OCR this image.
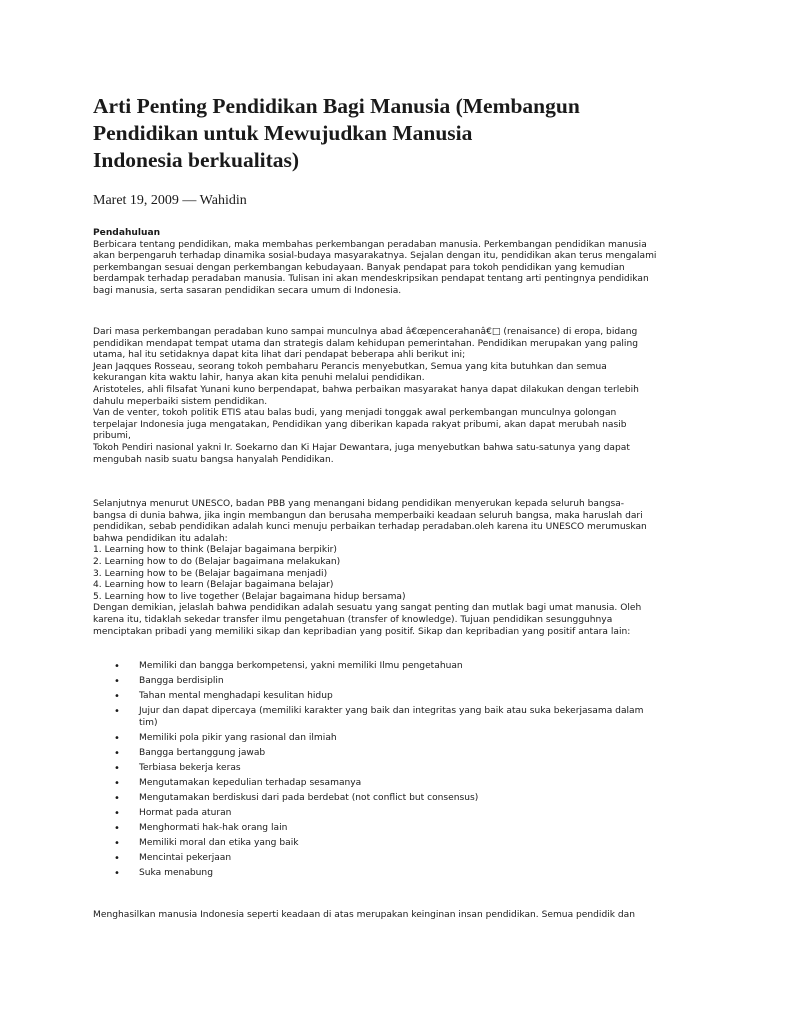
Arti Penting Pendidikan Bagi Manusia (Membangun
Pendidikan untuk Mewujudkan Manusia
Indonesia berkualitas)
Maret 19, 2009 — Wahidin
Pendahuluan
Berbicara tentang pendidikan, maka membahas perkembangan peradaban manusia. Perkembangan pendidikan manusia
akan berpengaruh terhadap dinamika sosial-budaya masyarakatnya. Sejalan dengan itu, pendidikan akan terus mengalami
perkembangan sesuai dengan perkembangan kebudayaan. Banyak pendapat para tokoh pendidikan yang kemudian
berdampak terhadap peradaban manusia. Tulisan ini akan mendeskripsikan pendapat tentang arti pentingnya pendidikan
bagi manusia, serta sasaran pendidikan secara umum di Indonesia.
Dari masa perkembangan peradaban kuno sampai munculnya abad â€œpencerahanâ€□ (renaisance) di eropa, bidang
pendidikan mendapat tempat utama dan strategis dalam kehidupan pemerintahan. Pendidikan merupakan yang paling
utama, hal itu setidaknya dapat kita lihat dari pendapat beberapa ahli berikut ini;
Jean Jaqques Rosseau, seorang tokoh pembaharu Perancis menyebutkan, Semua yang kita butuhkan dan semua
kekurangan kita waktu lahir, hanya akan kita penuhi melalui pendidikan.
Aristoteles, ahli filsafat Yunani kuno berpendapat, bahwa perbaikan masyarakat hanya dapat dilakukan dengan terlebih
dahulu meperbaiki sistem pendidikan.
Van de venter, tokoh politik ETIS atau balas budi, yang menjadi tonggak awal perkembangan munculnya golongan
terpelajar Indonesia juga mengatakan, Pendidikan yang diberikan kapada rakyat pribumi, akan dapat merubah nasib
pribumi,
Tokoh Pendiri nasional yakni Ir. Soekarno dan Ki Hajar Dewantara, juga menyebutkan bahwa satu-satunya yang dapat
mengubah nasib suatu bangsa hanyalah Pendidikan.
Selanjutnya menurut UNESCO, badan PBB yang menangani bidang pendidikan menyerukan kepada seluruh bangsa-
bangsa di dunia bahwa, jika ingin membangun dan berusaha memperbaiki keadaan seluruh bangsa, maka haruslah dari
pendidikan, sebab pendidikan adalah kunci menuju perbaikan terhadap peradaban.oleh karena itu UNESCO merumuskan
bahwa pendidikan itu adalah:
1. Learning how to think (Belajar bagaimana berpikir)
2. Learning how to do (Belajar bagaimana melakukan)
3. Learning how to be (Belajar bagaimana menjadi)
4. Learning how to learn (Belajar bagaimana belajar)
5. Learning how to live together (Belajar bagaimana hidup bersama)
Dengan demikian, jelaslah bahwa pendidikan adalah sesuatu yang sangat penting dan mutlak bagi umat manusia. Oleh
karena itu, tidaklah sekedar transfer ilmu pengetahuan (transfer of knowledge). Tujuan pendidikan sesungguhnya
menciptakan pribadi yang memiliki sikap dan kepribadian yang positif. Sikap dan kepribadian yang positif antara lain:
• Memiliki dan bangga berkompetensi, yakni memiliki Ilmu pengetahuan
• Bangga berdisiplin
• Tahan mental menghadapi kesulitan hidup
• Jujur dan dapat dipercaya (memiliki karakter yang baik dan integritas yang baik atau suka bekerjasama dalam
tim)
• Memiliki pola pikir yang rasional dan ilmiah
• Bangga bertanggung jawab
• Terbiasa bekerja keras
• Mengutamakan kepedulian terhadap sesamanya
• Mengutamakan berdiskusi dari pada berdebat (not conflict but consensus)
• Hormat pada aturan
• Menghormati hak-hak orang lain
• Memiliki moral dan etika yang baik
• Mencintai pekerjaan
• Suka menabung
Menghasilkan manusia Indonesia seperti keadaan di atas merupakan keinginan insan pendidikan. Semua pendidik dan
